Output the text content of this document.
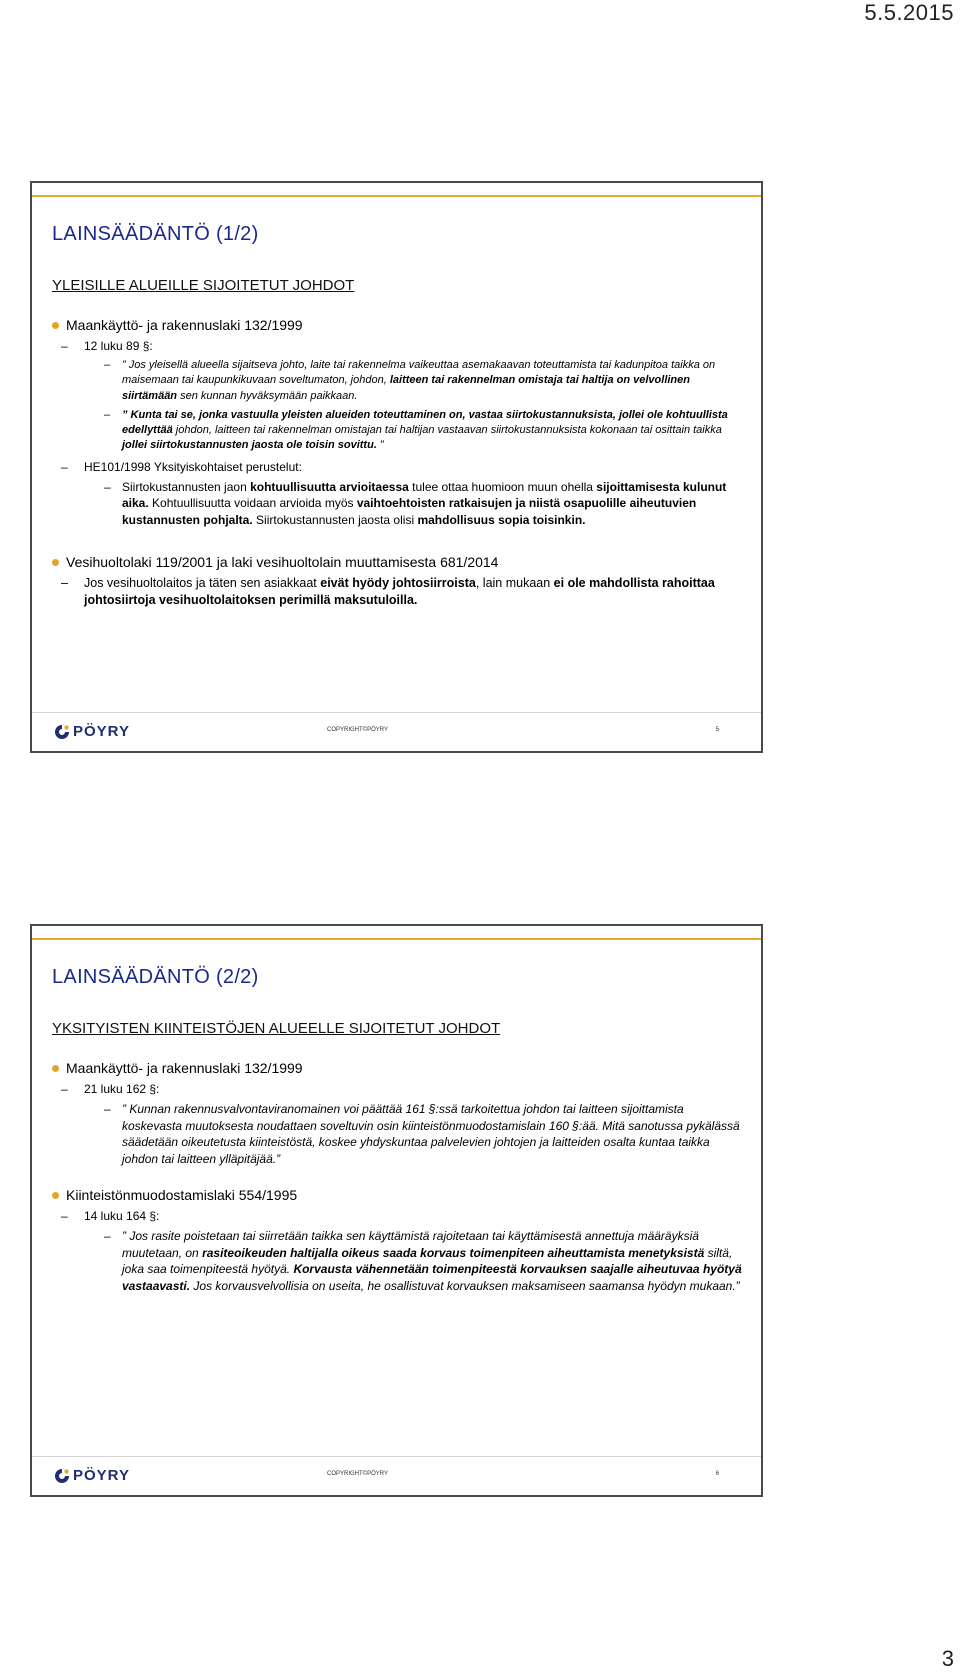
5.5.2015
LAINSÄÄDÄNTÖ (1/2)
YLEISILLE ALUEILLE SIJOITETUT JOHDOT
Maankäyttö- ja rakennuslaki 132/1999
– 12 luku 89 §:
– ” Jos yleisellä alueella sijaitseva johto, laite tai rakennelma vaikeuttaa asemakaavan toteuttamista tai kadunpitoa taikka on maisemaan tai kaupunkikuvaan soveltumaton, johdon, laitteen tai rakennelman omistaja tai haltija on velvollinen siirtämään sen kunnan hyväksymään paikkaan.
– ” Kunta tai se, jonka vastuulla yleisten alueiden toteuttaminen on, vastaa siirtokustannuksista, jollei ole kohtuullista edellyttää johdon, laitteen tai rakennelman omistajan tai haltijan vastaavan siirtokustannuksista kokonaan tai osittain taikka jollei siirtokustannusten jaosta ole toisin sovittu. ”
– HE101/1998 Yksityiskohtaiset perustelut:
– Siirtokustannusten jaon kohtuullisuutta arvioitaessa tulee ottaa huomioon muun ohella sijoittamisesta kulunut aika. Kohtuullisuutta voidaan arvioida myös vaihtoehtoisten ratkaisujen ja niistä osapuolille aiheutuvien kustannusten pohjalta. Siirtokustannusten jaosta olisi mahdollisuus sopia toisinkin.
Vesihuoltolaki 119/2001 ja laki vesihuoltolain muuttamisesta 681/2014
– Jos vesihuoltolaitos ja täten sen asiakkaat eivät hyödy johtosiirroista, lain mukaan ei ole mahdollista rahoittaa johtosiirtoja vesihuoltolaitoksen perimillä maksutuloilla.
PÖYRY	COPYRIGHT©PÖYRY	5
LAINSÄÄDÄNTÖ (2/2)
YKSITYISTEN KIINTEISTÖJEN ALUEELLE SIJOITETUT JOHDOT
Maankäyttö- ja rakennuslaki 132/1999
– 21 luku 162 §:
– ” Kunnan rakennusvalvontaviranomainen voi päättää 161 §:ssä tarkoitettua johdon tai laitteen sijoittamista koskevasta muutoksesta noudattaen soveltuvin osin kiinteistönmuodostamislain 160 §:ää. Mitä sanotussa pykälässä säädetään oikeutetusta kiinteistöstä, koskee yhdyskuntaa palvelevien johtojen ja laitteiden osalta kuntaa taikka johdon tai laitteen ylläpitäjää.”
Kiinteistönmuodostamislaki 554/1995
– 14 luku 164 §:
– ” Jos rasite poistetaan tai siirretään taikka sen käyttämistä rajoitetaan tai käyttämisestä annettuja määräyksiä muutetaan, on rasiteoikeuden haltijalla oikeus saada korvaus toimenpiteen aiheuttamista menetyksistä siltä, joka saa toimenpiteestä hyötyä. Korvausta vähennetään toimenpiteestä korvauksen saajalle aiheutuvaa hyötyä vastaavasti. Jos korvausvelvollisia on useita, he osallistuvat korvauksen maksamiseen saamansa hyödyn mukaan.”
PÖYRY	COPYRIGHT©PÖYRY	6
3
